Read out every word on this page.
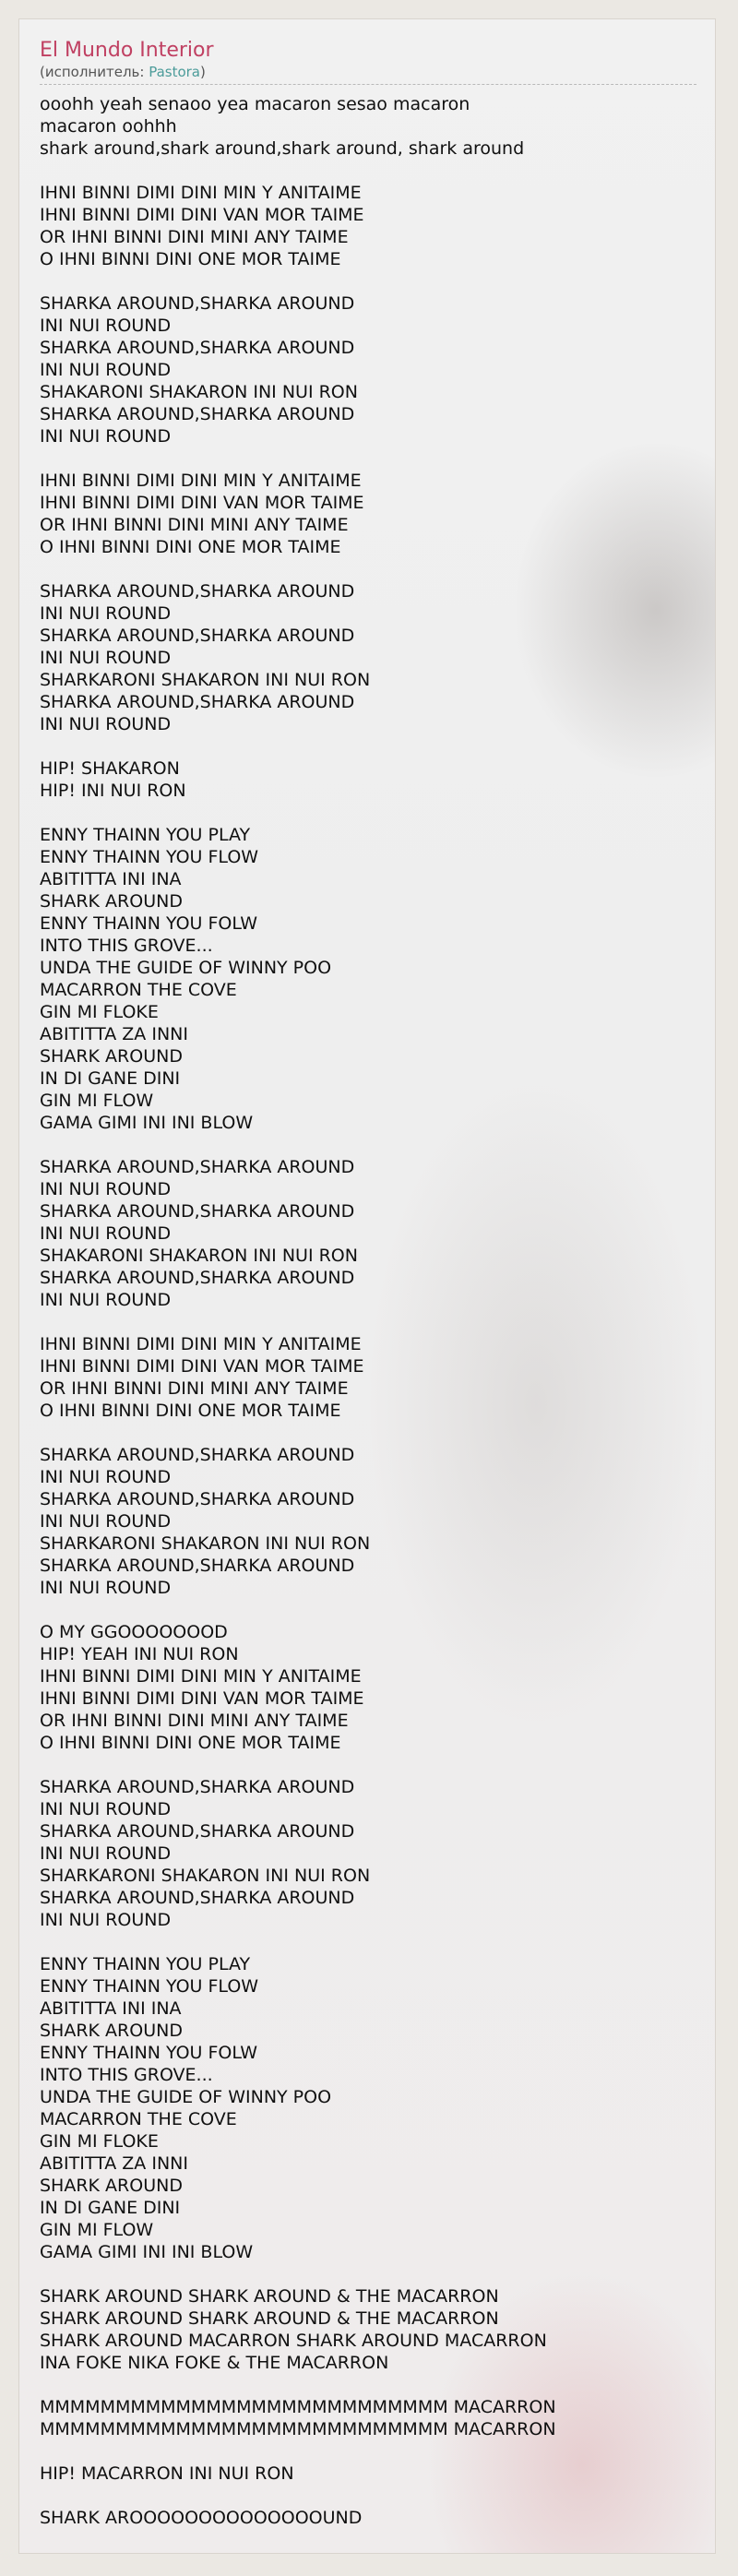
El Mundo Interior
(исполнитель: Pastora)
ooohh yeah senaoo yea macaron sesao macaron
macaron oohhh
shark around,shark around,shark around, shark around
IHNI BINNI DIMI DINI MIN Y ANITAIME
IHNI BINNI DIMI DINI VAN MOR TAIME
OR IHNI BINNI DINI MINI ANY TAIME
O IHNI BINNI DINI ONE MOR TAIME
SHARKA AROUND,SHARKA AROUND
INI NUI ROUND
SHARKA AROUND,SHARKA AROUND
INI NUI ROUND
SHAKARONI SHAKARON INI NUI RON
SHARKA AROUND,SHARKA AROUND
INI NUI ROUND
IHNI BINNI DIMI DINI MIN Y ANITAIME
IHNI BINNI DIMI DINI VAN MOR TAIME
OR IHNI BINNI DINI MINI ANY TAIME
O IHNI BINNI DINI ONE MOR TAIME
SHARKA AROUND,SHARKA AROUND
INI NUI ROUND
SHARKA AROUND,SHARKA AROUND
INI NUI ROUND
SHARKARONI SHAKARON INI NUI RON
SHARKA AROUND,SHARKA AROUND
INI NUI ROUND
HIP! SHAKARON
HIP! INI NUI RON
ENNY THAINN YOU PLAY
ENNY THAINN YOU FLOW
ABITITTA INI INA
SHARK AROUND
ENNY THAINN YOU FOLW
INTO THIS GROVE...
UNDA THE GUIDE OF WINNY POO
MACARRON THE COVE
GIN MI FLOKE
ABITITTA ZA INNI
SHARK AROUND
IN DI GANE DINI
GIN MI FLOW
GAMA GIMI INI INI BLOW
SHARKA AROUND,SHARKA AROUND
INI NUI ROUND
SHARKA AROUND,SHARKA AROUND
INI NUI ROUND
SHAKARONI SHAKARON INI NUI RON
SHARKA AROUND,SHARKA AROUND
INI NUI ROUND
IHNI BINNI DIMI DINI MIN Y ANITAIME
IHNI BINNI DIMI DINI VAN MOR TAIME
OR IHNI BINNI DINI MINI ANY TAIME
O IHNI BINNI DINI ONE MOR TAIME
SHARKA AROUND,SHARKA AROUND
INI NUI ROUND
SHARKA AROUND,SHARKA AROUND
INI NUI ROUND
SHARKARONI SHAKARON INI NUI RON
SHARKA AROUND,SHARKA AROUND
INI NUI ROUND
O MY GGOOOOOOOD
HIP! YEAH INI NUI RON
IHNI BINNI DIMI DINI MIN Y ANITAIME
IHNI BINNI DIMI DINI VAN MOR TAIME
OR IHNI BINNI DINI MINI ANY TAIME
O IHNI BINNI DINI ONE MOR TAIME
SHARKA AROUND,SHARKA AROUND
INI NUI ROUND
SHARKA AROUND,SHARKA AROUND
INI NUI ROUND
SHARKARONI SHAKARON INI NUI RON
SHARKA AROUND,SHARKA AROUND
INI NUI ROUND
ENNY THAINN YOU PLAY
ENNY THAINN YOU FLOW
ABITITTA INI INA
SHARK AROUND
ENNY THAINN YOU FOLW
INTO THIS GROVE...
UNDA THE GUIDE OF WINNY POO
MACARRON THE COVE
GIN MI FLOKE
ABITITTA ZA INNI
SHARK AROUND
IN DI GANE DINI
GIN MI FLOW
GAMA GIMI INI INI BLOW
SHARK AROUND SHARK AROUND & THE MACARRON
SHARK AROUND SHARK AROUND & THE MACARRON
SHARK AROUND MACARRON SHARK AROUND MACARRON
INA FOKE NIKA FOKE & THE MACARRON
MMMMMMMMMMMMMMMMMMMMMMMMMMM MACARRON
MMMMMMMMMMMMMMMMMMMMMMMMMMM MACARRON
HIP! MACARRON INI NUI RON
SHARK AROOOOOOOOOOOOOOUND
